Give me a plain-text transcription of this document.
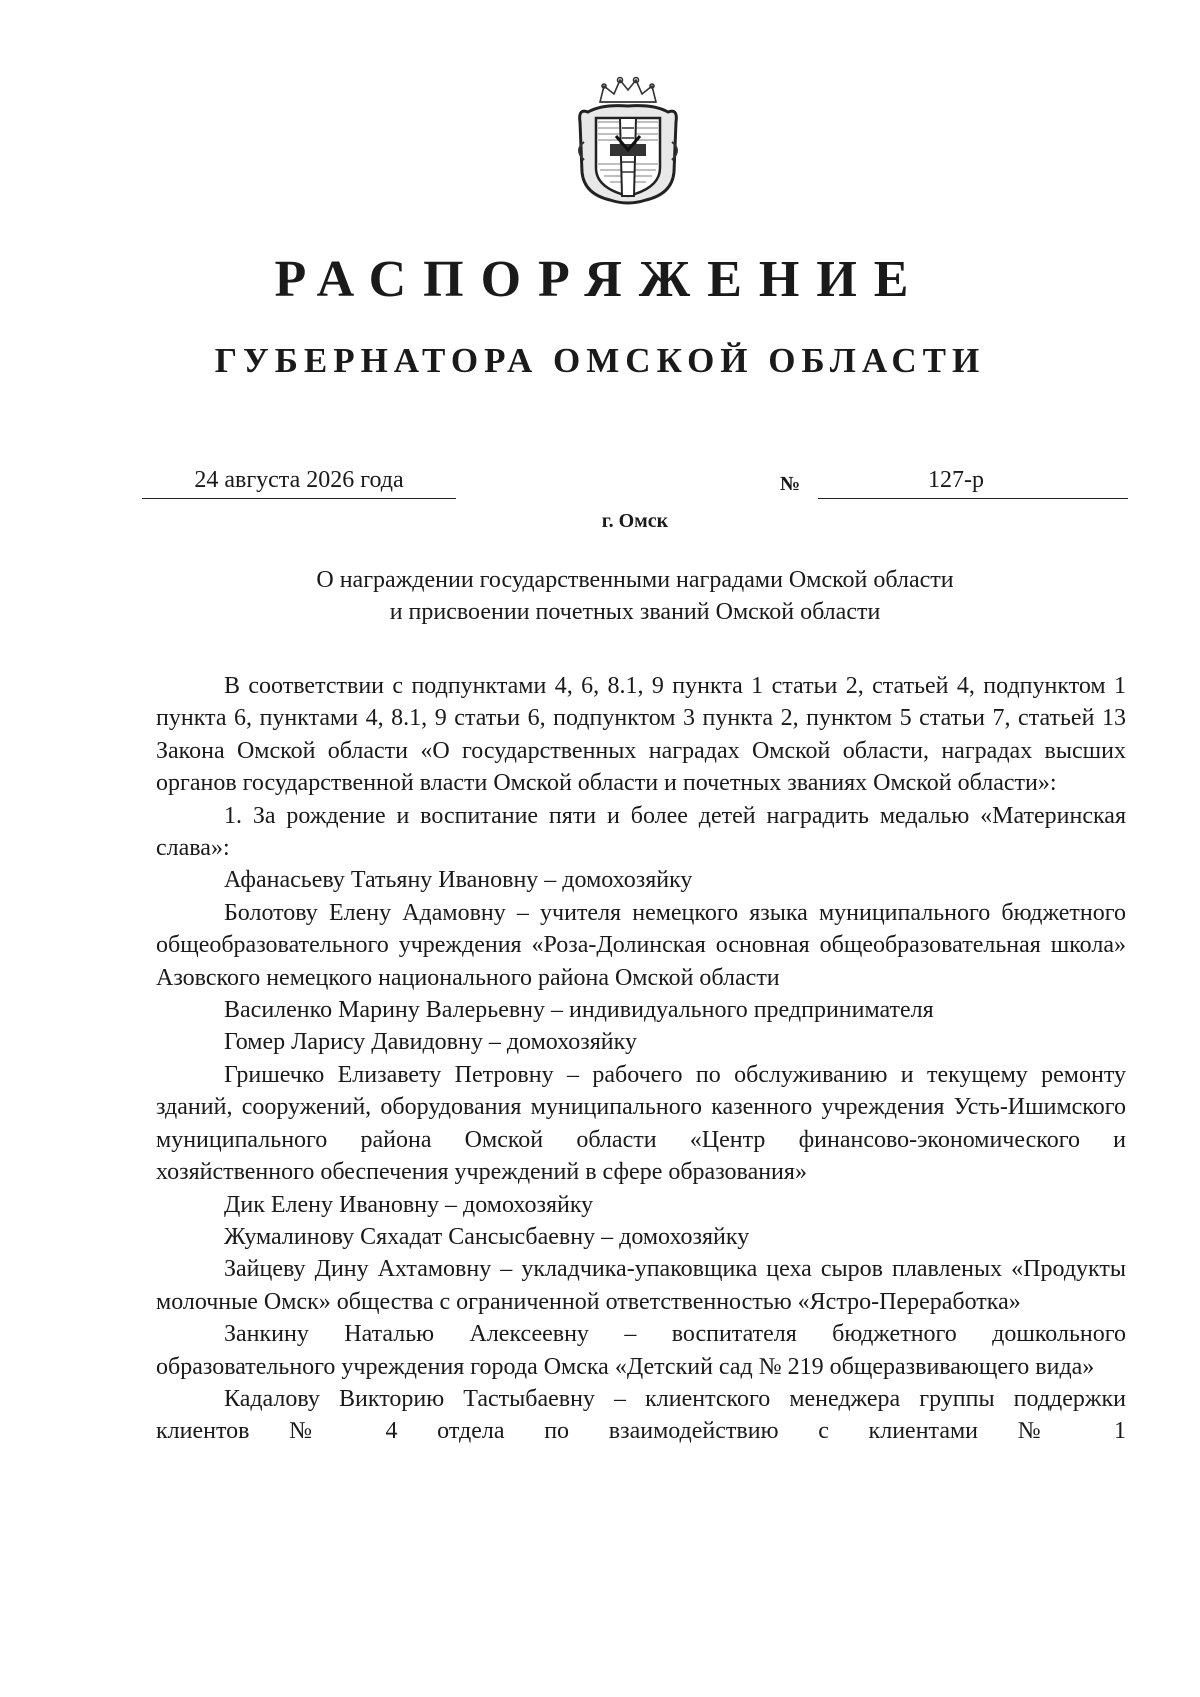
РАСПОРЯЖЕНИЕ
ГУБЕРНАТОРА ОМСКОЙ ОБЛАСТИ
24 августа 2026 года	№	127-р
г. Омск
О награждении государственными наградами Омской области
и присвоении почетных званий Омской области

В соответствии с подпунктами 4, 6, 8.1, 9 пункта 1 статьи 2, статьей 4, подпунктом 1 пункта 6, пунктами 4, 8.1, 9 статьи 6, подпунктом 3 пункта 2, пунктом 5 статьи 7, статьей 13 Закона Омской области «О государственных наградах Омской области, наградах высших органов государственной власти Омской области и почетных званиях Омской области»:

1. За рождение и воспитание пяти и более детей наградить медалью «Материнская слава»:

Афанасьеву Татьяну Ивановну – домохозяйку

Болотову Елену Адамовну – учителя немецкого языка муниципального бюджетного общеобразовательного учреждения «Роза-Долинская основная общеобразовательная школа» Азовского немецкого национального района Омской области

Василенко Марину Валерьевну – индивидуального предпринимателя

Гомер Ларису Давидовну – домохозяйку

Гришечко Елизавету Петровну – рабочего по обслуживанию и текущему ремонту зданий, сооружений, оборудования муниципального казенного учреждения Усть-Ишимского муниципального района Омской области «Центр финансово-экономического и хозяйственного обеспечения учреждений в сфере образования»

Дик Елену Ивановну – домохозяйку

Жумалинову Сяхадат Сансысбаевну – домохозяйку

Зайцеву Дину Ахтамовну – укладчика-упаковщика цеха сыров плавленых «Продукты молочные Омск» общества с ограниченной ответственностью «Ястро-Переработка»

Занкину Наталью Алексеевну – воспитателя бюджетного дошкольного образовательного учреждения города Омска «Детский сад № 219 общеразвивающего вида»

Кадалову Викторию Тастыбаевну – клиентского менеджера группы поддержки клиентов № 4 отдела по взаимодействию с клиентами № 1
